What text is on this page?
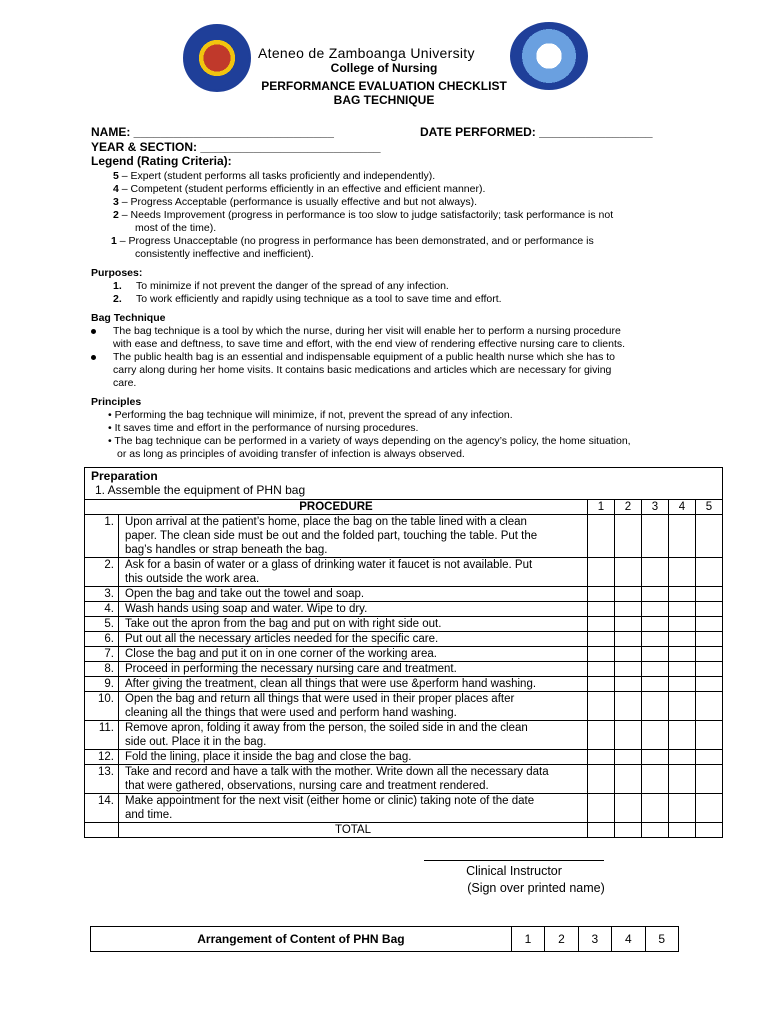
Ateneo de Zamboanga University
College of Nursing
PERFORMANCE EVALUATION CHECKLIST
BAG TECHNIQUE
NAME: ______________________________	DATE PERFORMED: _________________
YEAR & SECTION: ___________________________
Legend (Rating Criteria):
5 – Expert (student performs all tasks proficiently and independently).
4 – Competent (student performs efficiently in an effective and efficient manner).
3 – Progress Acceptable (performance is usually effective and but not always).
2 – Needs Improvement (progress in performance is too slow to judge satisfactorily; task performance is not
most of the time).
1 – Progress Unacceptable (no progress in performance has been demonstrated, and or performance is
consistently ineffective and inefficient).
Purposes:
1. To minimize if not prevent the danger of the spread of any infection.
2. To work efficiently and rapidly using technique as a tool to save time and effort.
Bag Technique
The bag technique is a tool by which the nurse, during her visit will enable her to perform a nursing procedure
with ease and deftness, to save time and effort, with the end view of rendering effective nursing care to clients.
The public health bag is an essential and indispensable equipment of a public health nurse which she has to
carry along during her home visits. It contains basic medications and articles which are necessary for giving
care.
Principles
• Performing the bag technique will minimize, if not, prevent the spread of any infection.
• It saves time and effort in the performance of nursing procedures.
• The bag technique can be performed in a variety of ways depending on the agency’s policy, the home situation,
or as long as principles of avoiding transfer of infection is always observed.
Preparation
1. Assemble the equipment of PHN bag						

PROCEDURE		1	2	3	4	5
1.	Upon arrival at the patient’s home, place the bag on the table lined with a clean
paper. The clean side must be out and the folded part, touching the table. Put the
bag’s handles or strap beneath the bag.					

2.	Ask for a basin of water or a glass of drinking water it faucet is not available. Put
this outside the work area.					

3.	Open the bag and take out the towel and soap.					

4.	Wash hands using soap and water. Wipe to dry.					

5.	Take out the apron from the bag and put on with right side out.					

6.	Put out all the necessary articles needed for the specific care.					

7.	Close the bag and put it on in one corner of the working area.					

8.	Proceed in performing the necessary nursing care and treatment.					

9.	After giving the treatment, clean all things that were use &perform hand washing.					

10.	Open the bag and return all things that were used in their proper places after
cleaning all the things that were used and perform hand washing.					

11.	Remove apron, folding it away from the person, the soiled side in and the clean
side out. Place it in the bag.					

12.	Fold the lining, place it inside the bag and close the bag.					

13.	Take and record and have a talk with the mother. Write down all the necessary data
that were gathered, observations, nursing care and treatment rendered.					

14.	Make appointment for the next visit (either home or clinic) taking note of the date
and time.					

	TOTAL					
Clinical Instructor
(Sign over printed name)
Arrangement of Content of PHN Bag	1	2	3	4	5
